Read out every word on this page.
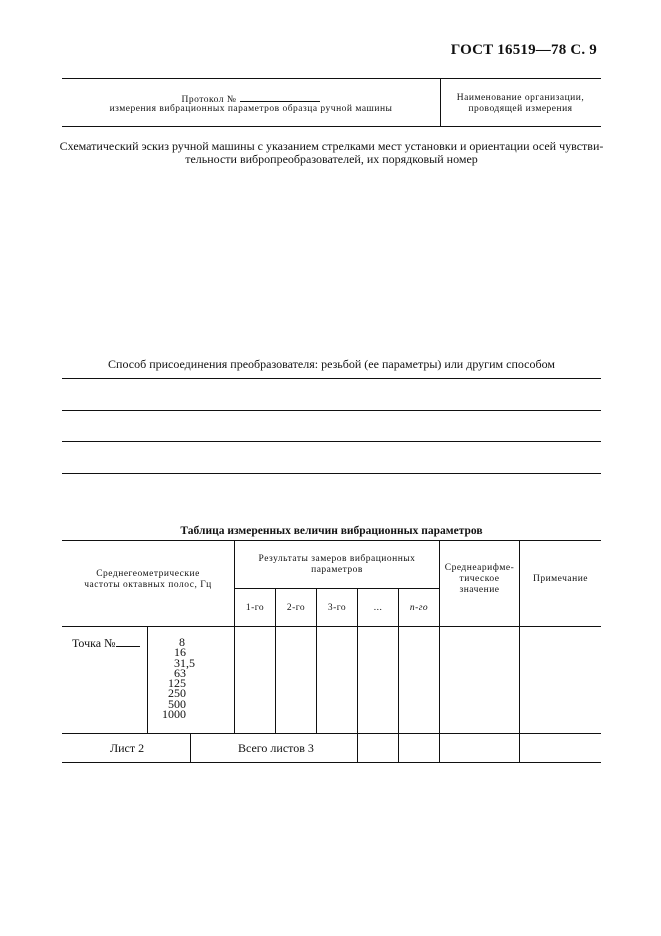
ГОСТ 16519—78 С. 9
Протокол №
измерения вибрационных параметров образца ручной машины
Наименование организации,
проводящей измерения
Схематический эскиз ручной машины с указанием стрелками мест установки и ориентации осей чувстви-
тельности вибропреобразователей, их порядковый номер
Способ присоединения преобразователя: резьбой (ее параметры) или другим способом
Таблица измеренных величин вибрационных параметров
Среднегеометрические
частоты октавных полос, Гц
Результаты замеров вибрационных
параметров
1-го	2-го	3-го	...	n-го
Среднеарифме-
тическое
значение
Примечание
Точка №	8
16
31,5
63
125
250
500
1000
Лист 2	Всего листов 3
